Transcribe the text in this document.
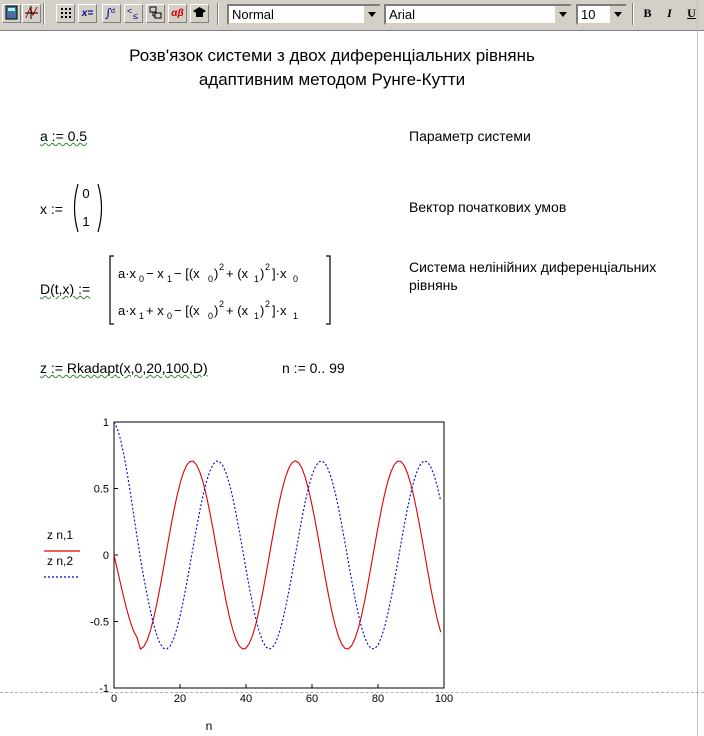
x= ∫ d < ≤	αβ	Normal	Arial	10	B	I	U
Розв'язок системи з двох диференціальних рівнянь
адаптивним методом Рунге-Кутти
a := 0.5	Параметр системи
x :=
0
1
Вектор початкових умов
D(t,x) :=
a·x 0 − x 1 − [(x 0 ) 2 + (x 1 ) 2 ]·x 0
a·x 1 + x 0 − [(x 0 ) 2 + (x 1 ) 2 ]·x 1
Система нелінійних диференціальних рівнянь
z := Rkadapt(x,0,20,100,D)	n := 0.. 99
0	20	40	60	80	100
1
0.5
0
-0.5
-1
n
z n,1
z n,2
